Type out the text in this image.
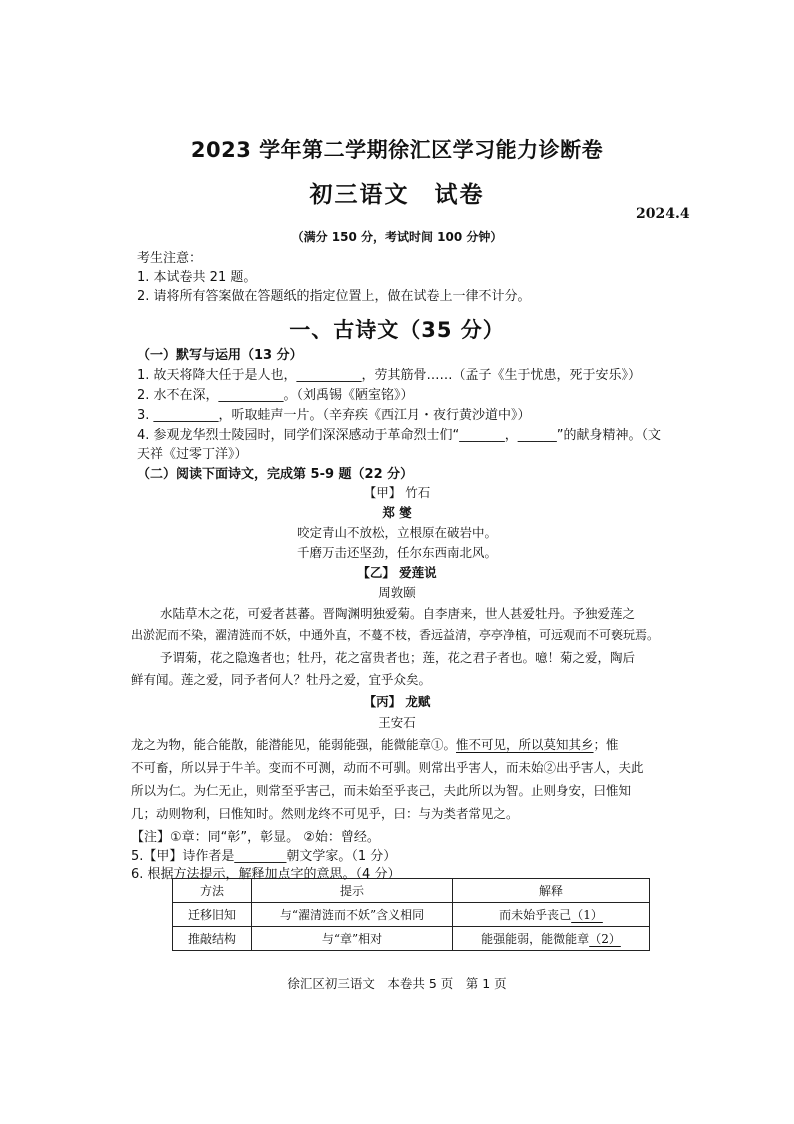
2023 学年第二学期徐汇区学习能力诊断卷
初三语文　试卷
2024.4
（满分 150 分，考试时间 100 分钟）
考生注意：
1. 本试卷共 21 题。
2. 请将所有答案做在答题纸的指定位置上，做在试卷上一律不计分。
一、古诗文（35 分）
（一）默写与运用（13 分）
1. 故天将降大任于是人也，__________，劳其筋骨……（孟子《生于忧患，死于安乐》）
2. 水不在深，__________。（刘禹锡《陋室铭》）
3. __________，听取蛙声一片。（辛弃疾《西江月・夜行黄沙道中》）
4. 参观龙华烈士陵园时，同学们深深感动于革命烈士们“_______，______”的献身精神。（文
天祥《过零丁洋》）
（二）阅读下面诗文，完成第 5-9 题（22 分）
【甲】 竹石
郑 燮
咬定青山不放松，立根原在破岩中。
千磨万击还坚劲，任尔东西南北风。
【乙】 爱莲说
周敦颐
水陆草木之花，可爱者甚蕃。晋陶渊明独爱菊。自李唐来，世人甚爱牡丹。予独爱莲之
出淤泥而不染，濯清涟而不妖，中通外直，不蔓不枝，香远益清，亭亭净植，可远观而不可亵玩焉。
予谓菊，花之隐逸者也；牡丹，花之富贵者也；莲，花之君子者也。噫！菊之爱，陶后
鲜有闻。莲之爱，同予者何人？牡丹之爱，宜乎众矣。
【丙】 龙赋
王安石
龙之为物，能合能散，能潜能见，能弱能强，能微能章①。惟不可见，所以莫知其乡；惟
不可畜，所以异于牛羊。变而不可测，动而不可驯。则常出乎害人，而未始②出乎害人，夫此
所以为仁。为仁无止，则常至乎害己，而未始至乎丧己，夫此所以为智。止则身安，曰惟知
几；动则物利，曰惟知时。然则龙终不可见乎，曰：与为类者常见之。
【注】①章：同“彰”，彰显。 ②始：曾经。
5.【甲】诗作者是________朝文学家。（1 分）
6. 根据方法提示，解释加点字的意思。（4 分）
方法	提示	解释
迁移旧知	与“濯清涟而不妖”含义相同	而未始乎丧己（1）
推敲结构	与“章”相对	能强能弱，能微能章（2）
徐汇区初三语文　本卷共 5 页　第 1 页
